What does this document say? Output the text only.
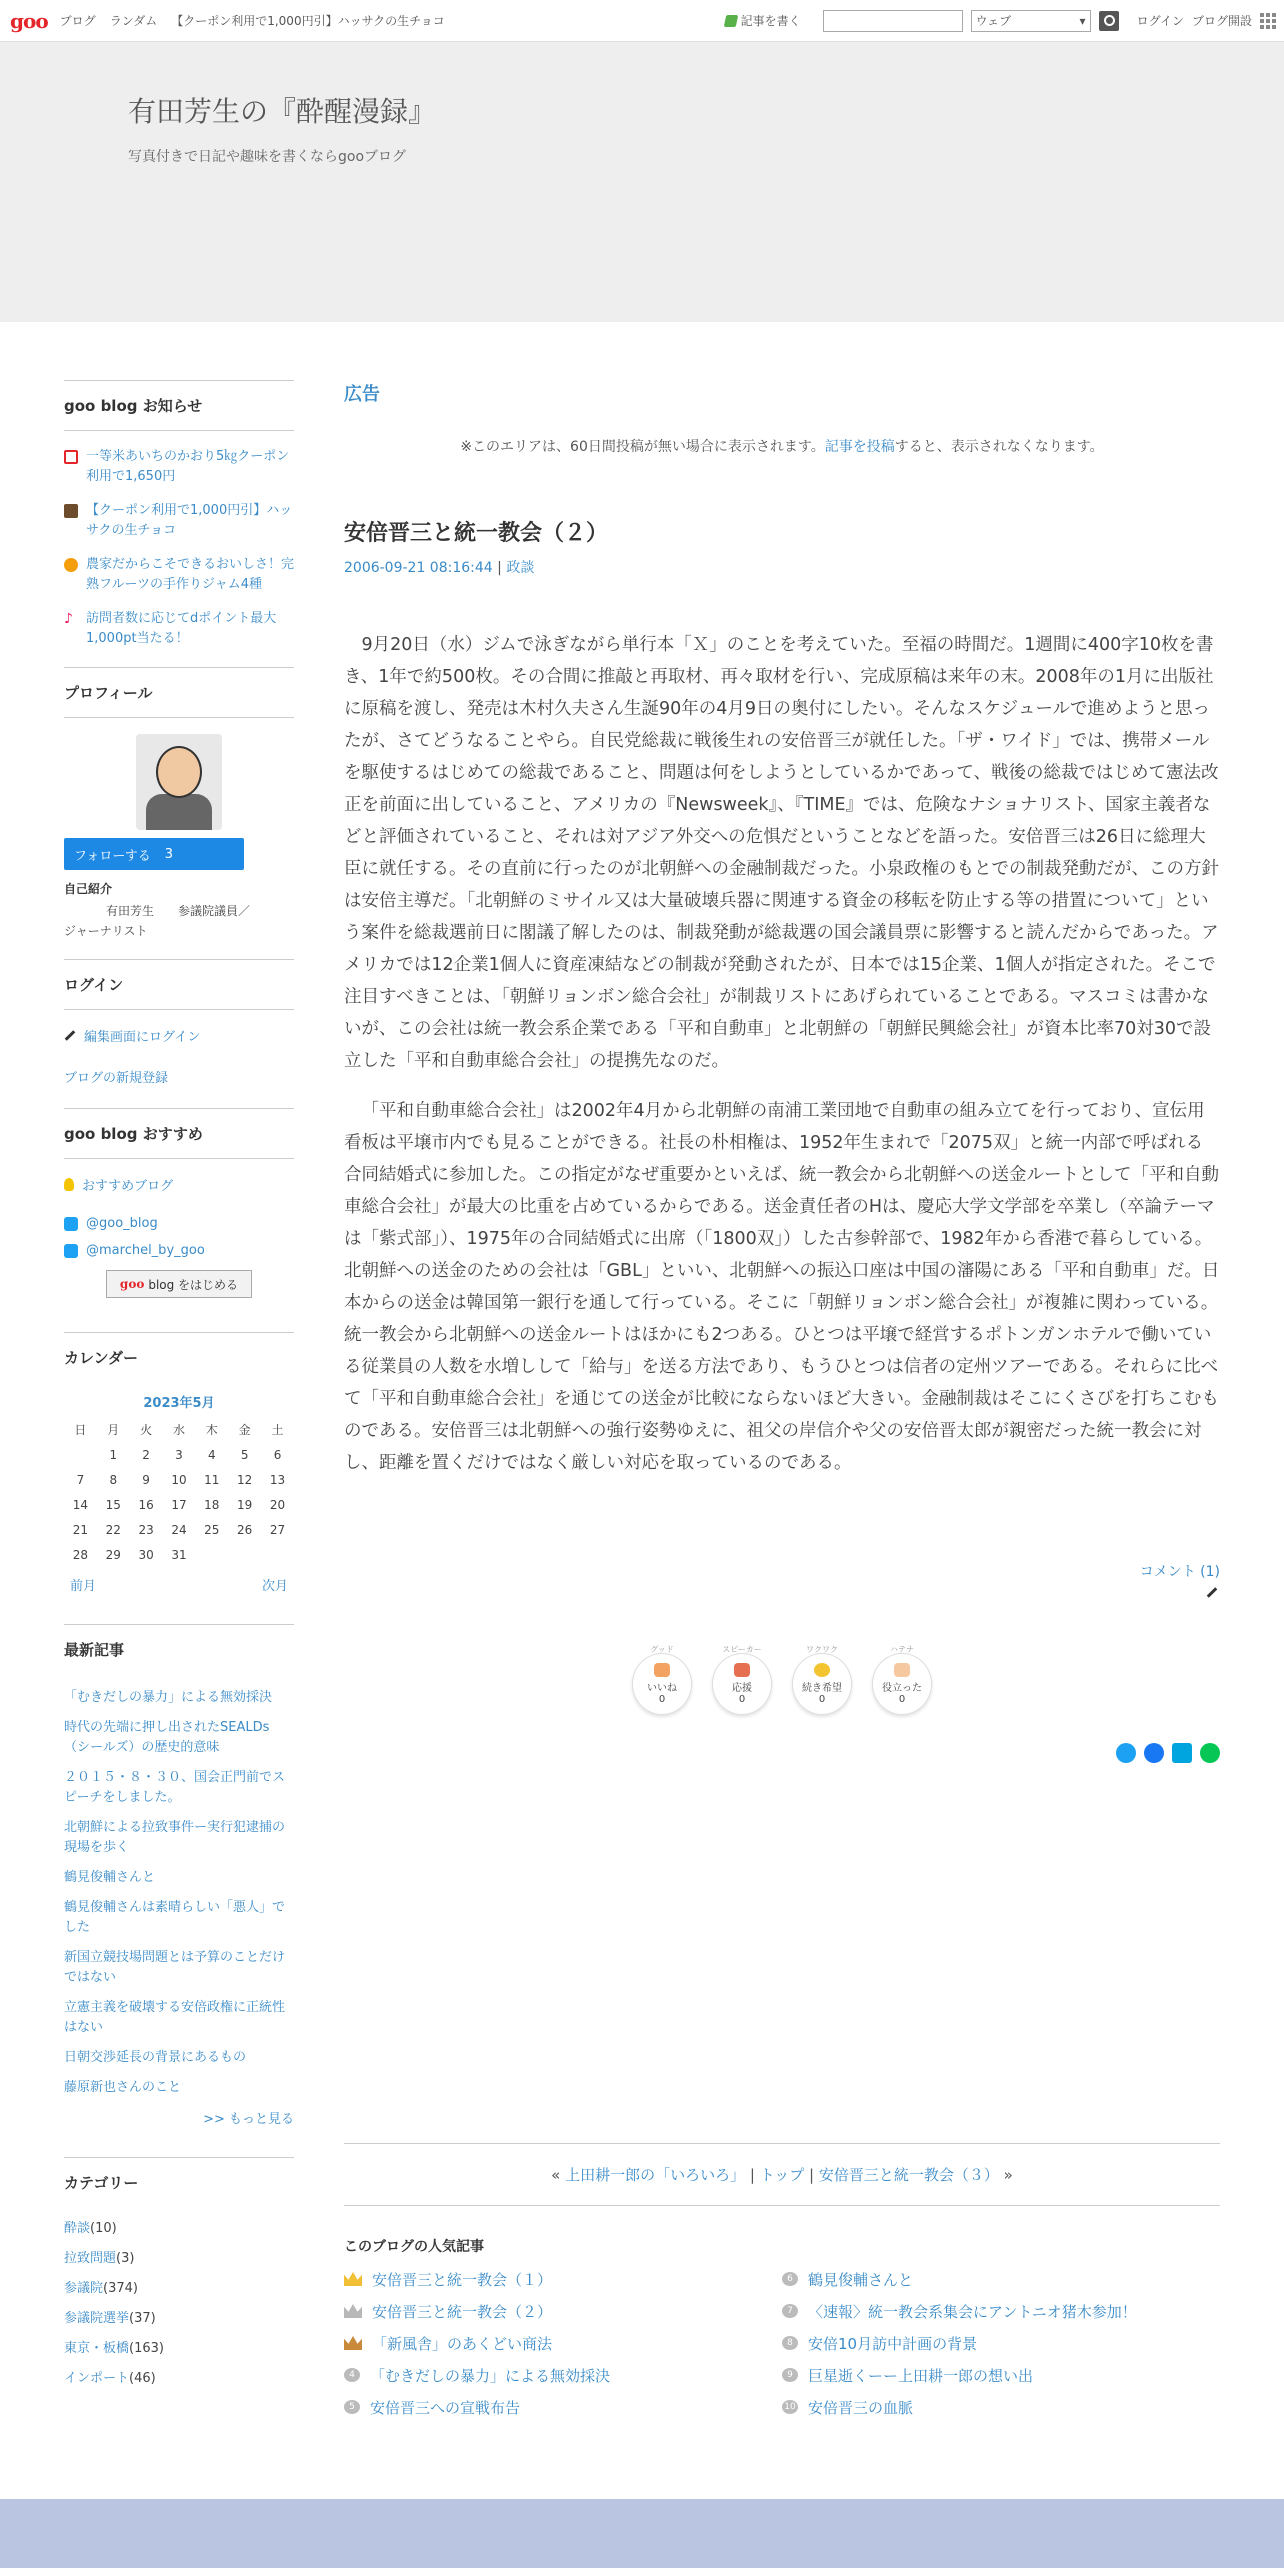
goo ブログ ランダム 【クーポン利用で1,000円引】ハッサクの生チョコ	記事を書く	ウェブ	▾	ログイン ブログ開設
有田芳生の『酔醒漫録』
写真付きで日記や趣味を書くならgooブログ
goo blog お知らせ
一等米あいちのかおり5㎏クーポン利用で1,650円
【クーポン利用で1,000円引】ハッサクの生チョコ
農家だからこそできるおいしさ！完熟フルーツの手作りジャム4種
♪	訪問者数に応じてdポイント最大1,000pt当たる！
プロフィール
フォローする 3
自己紹介
有田芳生　　参議院議員／
ジャーナリスト
ログイン
編集画面にログイン
ブログの新規登録
goo blog おすすめ
おすすめブログ
@goo_blog
@marchel_by_goo
goo blog をはじめる
カレンダー
2023年5月
日	月	火	水	木	金	土
	1	2	3	4	5	6
7	8	9	10	11	12	13
14	15	16	17	18	19	20
21	22	23	24	25	26	27
28	29	30	31			
前月	次月
最新記事
「むきだしの暴力」による無効採決
時代の先端に押し出されたSEALDs（シールズ）の歴史的意味
２０１５・８・３０、国会正門前でスピーチをしました。
北朝鮮による拉致事件ー実行犯逮捕の現場を歩く
鶴見俊輔さんと
鶴見俊輔さんは素晴らしい「悪人」でした
新国立競技場問題とは予算のことだけではない
立憲主義を破壊する安倍政権に正統性はない
日朝交渉延長の背景にあるもの
藤原新也さんのこと
>> もっと見る
カテゴリー
酔談(10)
拉致問題(3)
参議院(374)
参議院選挙(37)
東京・板橋(163)
インポート(46)
広告
※このエリアは、60日間投稿が無い場合に表示されます。記事を投稿すると、表示されなくなります。
安倍晋三と統一教会（２）
2006-09-21 08:16:44 | 政談

9月20日（水）ジムで泳ぎながら単行本「Ｘ」のことを考えていた。至福の時間だ。1週間に400字10枚を書き、1年で約500枚。その合間に推敲と再取材、再々取材を行い、完成原稿は来年の末。2008年の1月に出版社に原稿を渡し、発売は木村久夫さん生誕90年の4月9日の奥付にしたい。そんなスケジュールで進めようと思ったが、さてどうなることやら。自民党総裁に戦後生れの安倍晋三が就任した。「ザ・ワイド」では、携帯メールを駆使するはじめての総裁であること、問題は何をしようとしているかであって、戦後の総裁ではじめて憲法改正を前面に出していること、アメリカの『Newsweek』、『TIME』では、危険なナショナリスト、国家主義者などと評価されていること、それは対アジア外交への危惧だということなどを語った。安倍晋三は26日に総理大臣に就任する。その直前に行ったのが北朝鮮への金融制裁だった。小泉政権のもとでの制裁発動だが、この方針は安倍主導だ。「北朝鮮のミサイル又は大量破壊兵器に関連する資金の移転を防止する等の措置について」という案件を総裁選前日に閣議了解したのは、制裁発動が総裁選の国会議員票に影響すると読んだからであった。アメリカでは12企業1個人に資産凍結などの制裁が発動されたが、日本では15企業、1個人が指定された。そこで注目すべきことは、「朝鮮リョンボン総合会社」が制裁リストにあげられていることである。マスコミは書かないが、この会社は統一教会系企業である「平和自動車」と北朝鮮の「朝鮮民興総会社」が資本比率70対30で設立した「平和自動車総合会社」の提携先なのだ。

「平和自動車総合会社」は2002年4月から北朝鮮の南浦工業団地で自動車の組み立てを行っており、宣伝用看板は平壌市内でも見ることができる。社長の朴相権は、1952年生まれで「2075双」と統一内部で呼ばれる合同結婚式に参加した。この指定がなぜ重要かといえば、統一教会から北朝鮮への送金ルートとして「平和自動車総合会社」が最大の比重を占めているからである。送金責任者のHは、慶応大学文学部を卒業し（卒論テーマは「紫式部」）、1975年の合同結婚式に出席（「1800双」）した古参幹部で、1982年から香港で暮らしている。北朝鮮への送金のための会社は「GBL」といい、北朝鮮への振込口座は中国の瀋陽にある「平和自動車」だ。日本からの送金は韓国第一銀行を通して行っている。そこに「朝鮮リョンボン総合会社」が複雑に関わっている。統一教会から北朝鮮への送金ルートはほかにも2つある。ひとつは平壌で経営するポトンガンホテルで働いている従業員の人数を水増しして「給与」を送る方法であり、もうひとつは信者の定州ツアーである。それらに比べて「平和自動車総合会社」を通じての送金が比較にならないほど大きい。金融制裁はそこにくさびを打ちこむものである。安倍晋三は北朝鮮への強行姿勢ゆえに、祖父の岸信介や父の安倍晋太郎が親密だった統一教会に対し、距離を置くだけではなく厳しい対応を取っているのである。

コメント (1)
グッド
いいね
0
スピーカー
応援
0
ワクワク
続き希望
0
ハテナ
役立った
0
« 上田耕一郎の「いろいろ」 | トップ | 安倍晋三と統一教会（３） »
このブログの人気記事
安倍晋三と統一教会（１）	6	鶴見俊輔さんと
安倍晋三と統一教会（２）	7	〈速報〉統一教会系集会にアントニオ猪木参加！
「新風舎」のあくどい商法	8	安倍10月訪中計画の背景
4	「むきだしの暴力」による無効採決	9	巨星逝くーー上田耕一郎の想い出
5	安倍晋三への宣戦布告	10 安倍晋三の血脈
